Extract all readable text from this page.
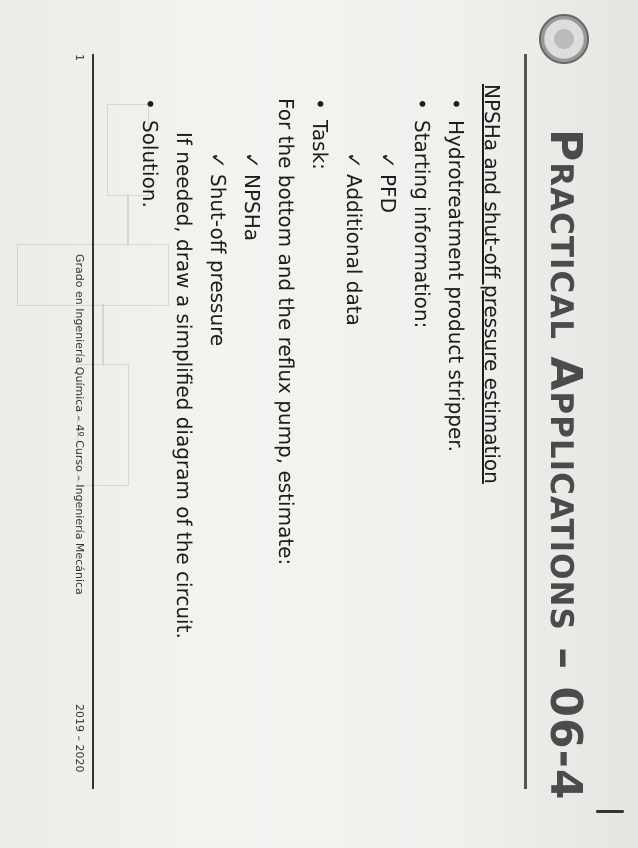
Practical Applications – 06-4
NPSHa and shut-off pressure estimation
• Hydrotreatment product stripper.
• Starting information:
✓ PFD
✓ Additional data
• Task:
For the bottom and the reflux pump, estimate:
✓ NPSHa
✓ Shut-off pressure
If needed, draw a simplified diagram of the circuit.
• Solution.
1
Grado en Ingeniería Química – 4º Curso – Ingeniería Mecánica
2019 – 2020
